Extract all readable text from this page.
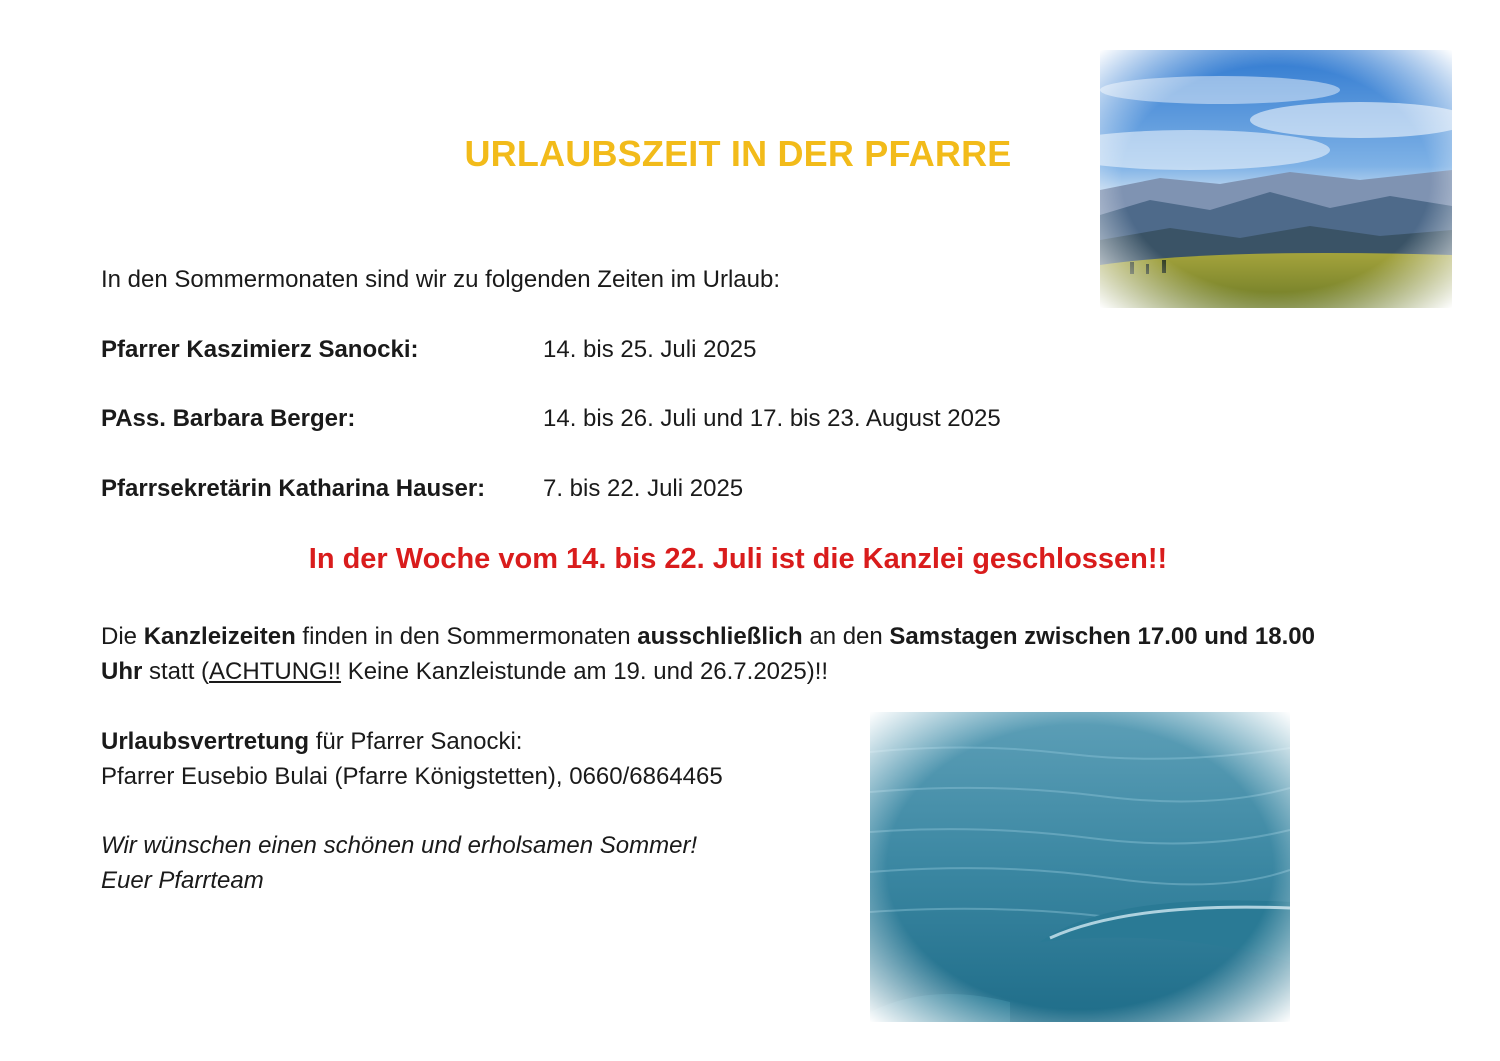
URLAUBSZEIT IN DER PFARRE
In den Sommermonaten sind wir zu folgenden Zeiten im Urlaub:
Pfarrer Kaszimierz Sanocki:	14. bis 25. Juli 2025
PAss. Barbara Berger:	14. bis 26. Juli und 17. bis 23. August 2025
Pfarrsekretärin Katharina Hauser: 7. bis 22. Juli 2025
In der Woche vom 14. bis 22. Juli ist die Kanzlei geschlossen!!
Die Kanzleizeiten finden in den Sommermonaten ausschließlich an den Samstagen zwischen 17.00 und 18.00
Uhr statt (ACHTUNG!! Keine Kanzleistunde am 19. und 26.7.2025)!!
Urlaubsvertretung für Pfarrer Sanocki:
Pfarrer Eusebio Bulai (Pfarre Königstetten), 0660/6864465
Wir wünschen einen schönen und erholsamen Sommer!
Euer Pfarrteam
